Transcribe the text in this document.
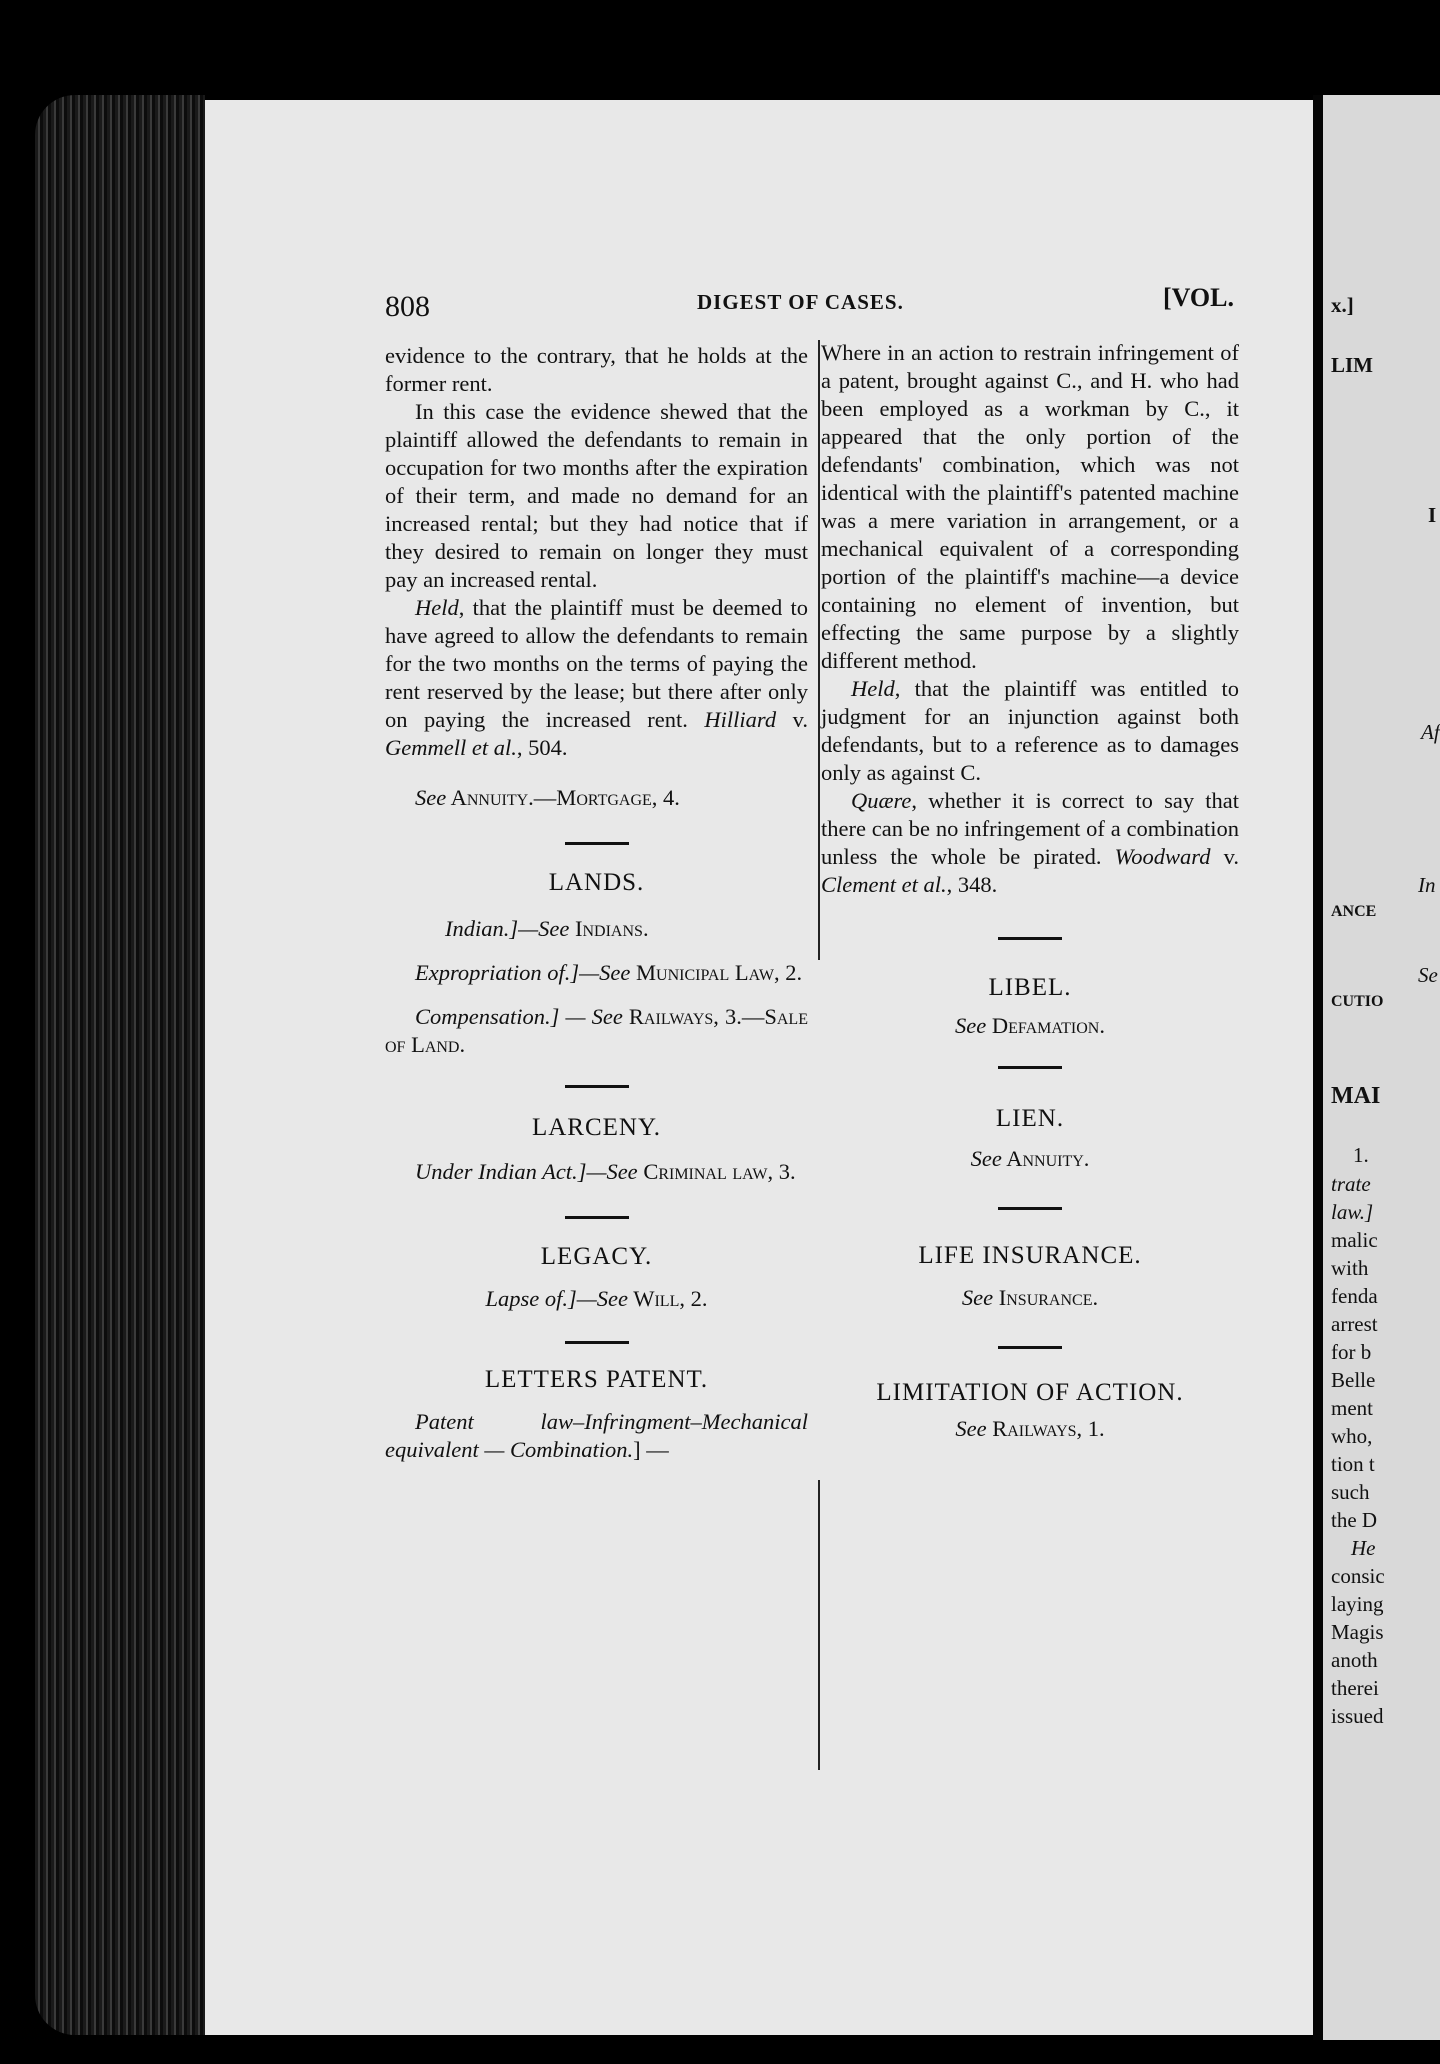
x.]
LIM
I
Af
In
ANCE
Se
CUTIO
MAI
1.
trate
law.]
malic
with
fenda
arrest
for b
Belle
ment
who,
tion t
such
the D
He
consic
laying
Magis
anoth
therei
issued
808	DIGEST OF CASES.	[VOL.

evidence to the contrary, that he holds at the former rent.

In this case the evidence shewed that the plaintiff allowed the defendants to remain in occupation for two months after the expiration of their term, and made no demand for an increased rental; but they had notice that if they desired to remain on longer they must pay an increased rental.

Held, that the plaintiff must be deemed to have agreed to allow the defendants to remain for the two months on the terms of paying the rent reserved by the lease; but there after only on paying the increased rent. Hilliard v. Gemmell et al., 504.

See Annuity.—Mortgage, 4.

LANDS.

Indian.]—See Indians.

Expropriation of.]—See Municipal Law, 2.

Compensation.] — See Railways, 3.—Sale of Land.

LARCENY.

Under Indian Act.]—See Criminal law, 3.

LEGACY.

Lapse of.]—See Will, 2.

LETTERS PATENT.

Patent law–Infringment–Mechanical equivalent — Combination.] —

Where in an action to restrain infringement of a patent, brought against C., and H. who had been employed as a workman by C., it appeared that the only portion of the defendants' combination, which was not identical with the plaintiff's patented machine was a mere variation in arrangement, or a mechanical equivalent of a corresponding portion of the plaintiff's machine—a device containing no element of invention, but effecting the same purpose by a slightly different method.

Held, that the plaintiff was entitled to judgment for an injunction against both defendants, but to a reference as to damages only as against C.

Quære, whether it is correct to say that there can be no infringement of a combination unless the whole be pirated. Woodward v. Clement et al., 348.

LIBEL.

See Defamation.

LIEN.

See Annuity.

LIFE INSURANCE.

See Insurance.

LIMITATION OF ACTION.

See Railways, 1.
